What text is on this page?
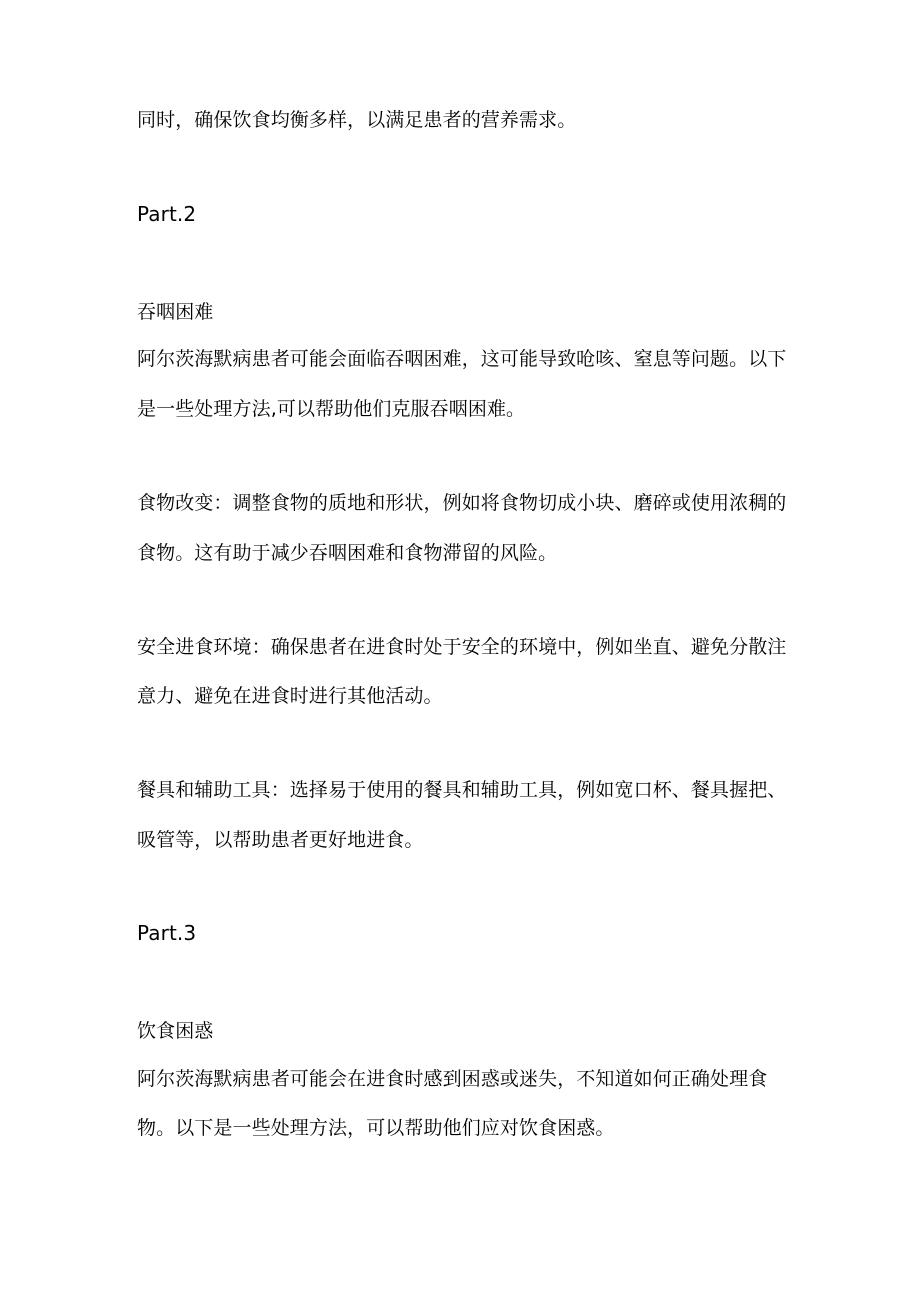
同时，确保饮食均衡多样，以满足患者的营养需求。
Part.2
吞咽困难
阿尔茨海默病患者可能会面临吞咽困难，这可能导致呛咳、窒息等问题。以下
是一些处理方法,可以帮助他们克服吞咽困难。
食物改变：调整食物的质地和形状，例如将食物切成小块、磨碎或使用浓稠的
食物。这有助于减少吞咽困难和食物滞留的风险。
安全进食环境：确保患者在进食时处于安全的环境中，例如坐直、避免分散注
意力、避免在进食时进行其他活动。
餐具和辅助工具：选择易于使用的餐具和辅助工具，例如宽口杯、餐具握把、
吸管等，以帮助患者更好地进食。
Part.3
饮食困惑
阿尔茨海默病患者可能会在进食时感到困惑或迷失，不知道如何正确处理食
物。以下是一些处理方法，可以帮助他们应对饮食困惑。
